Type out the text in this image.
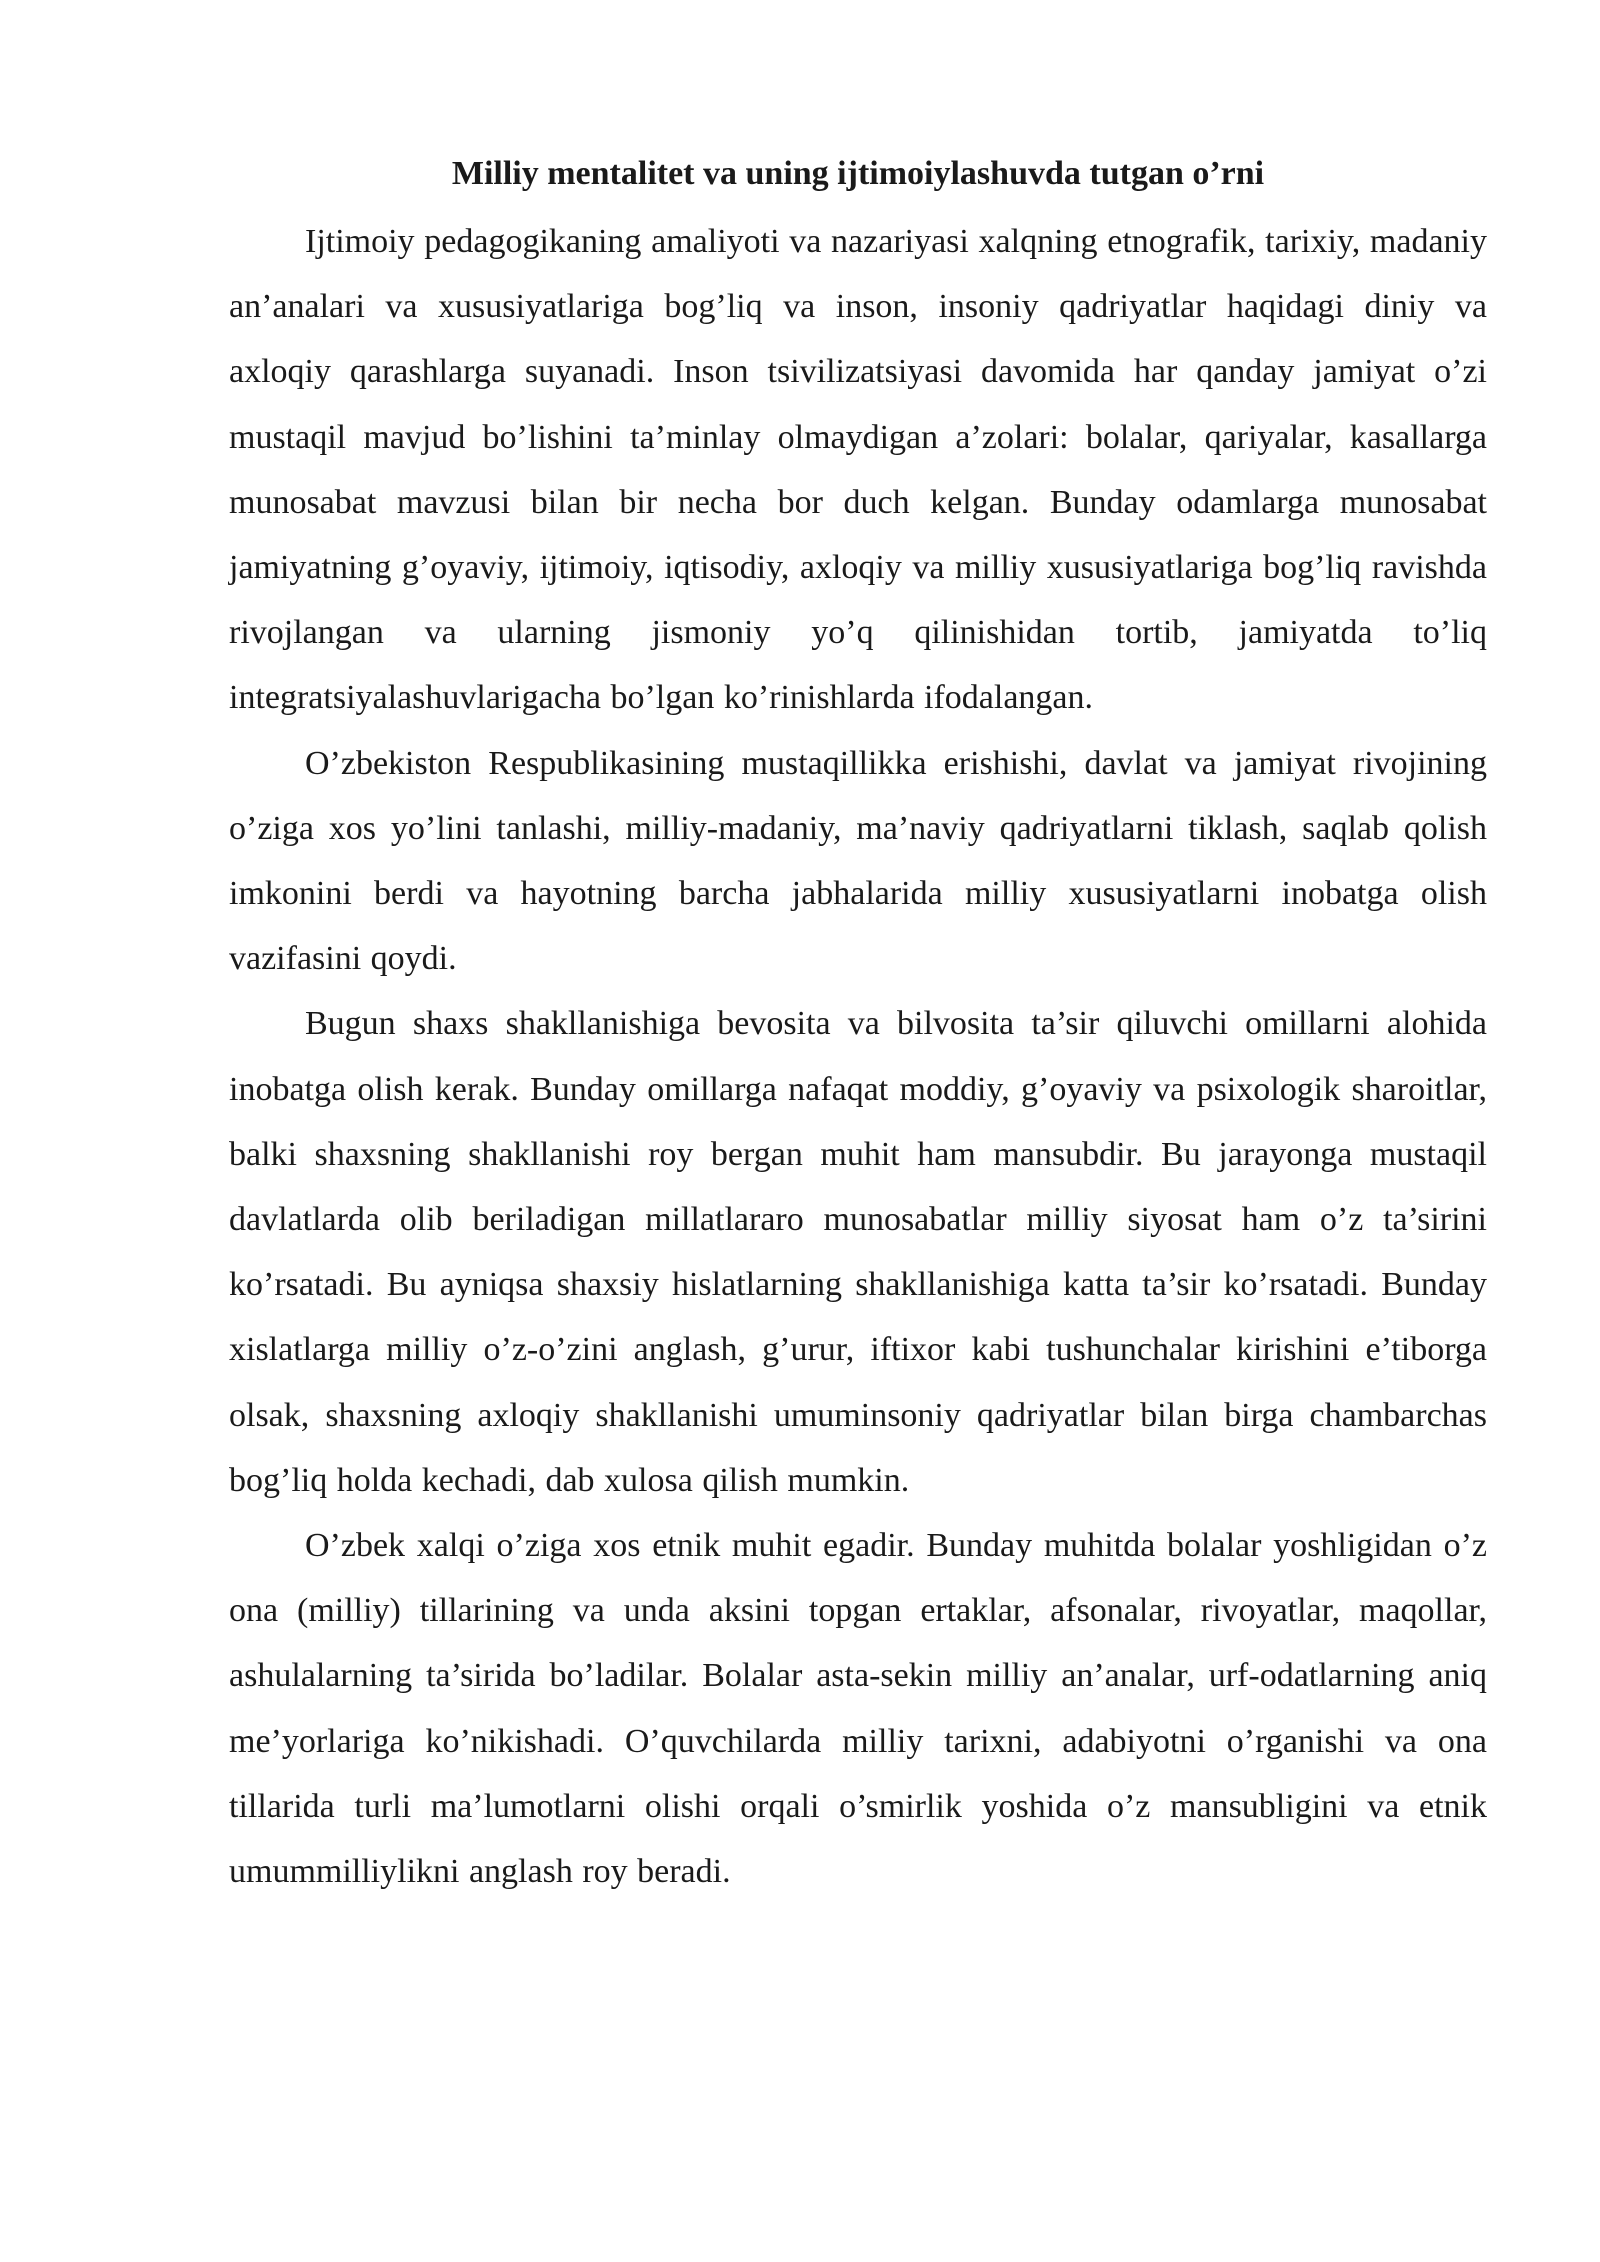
Milliy mentalitet va uning ijtimoiylashuvda tutgan o’rni

Ijtimoiy pedagogikaning amaliyoti va nazariyasi xalqning etnografik, tarixiy, madaniy an’analari va xususiyatlariga bog’liq va inson, insoniy qadriyatlar haqidagi diniy va axloqiy qarashlarga suyanadi. Inson tsivilizatsiyasi davomida har qanday jamiyat o’zi mustaqil mavjud bo’lishini ta’minlay olmaydigan a’zolari: bolalar, qariyalar, kasallarga munosabat mavzusi bilan bir necha bor duch kelgan. Bunday odamlarga munosabat jamiyatning g’oyaviy, ijtimoiy, iqtisodiy, axloqiy va milliy xususiyatlariga bog’liq ravishda rivojlangan va ularning jismoniy yo’q qilinishidan tortib, jamiyatda to’liq integratsiyalashuvlarigacha bo’lgan ko’rinishlarda ifodalangan.

O’zbekiston Respublikasining mustaqillikka erishishi, davlat va jamiyat rivojining o’ziga xos yo’lini tanlashi, milliy-madaniy, ma’naviy qadriyatlarni tiklash, saqlab qolish imkonini berdi va hayotning barcha jabhalarida milliy xususiyatlarni inobatga olish vazifasini qoydi.

Bugun shaxs shakllanishiga bevosita va bilvosita ta’sir qiluvchi omillarni alohida inobatga olish kerak. Bunday omillarga nafaqat moddiy, g’oyaviy va psixologik sharoitlar, balki shaxsning shakllanishi roy bergan muhit ham mansubdir. Bu jarayonga mustaqil davlatlarda olib beriladigan millatlararo munosabatlar milliy siyosat ham o’z ta’sirini ko’rsatadi. Bu ayniqsa shaxsiy hislatlarning shakllanishiga katta ta’sir ko’rsatadi. Bunday xislatlarga milliy o’z-o’zini anglash, g’urur, iftixor kabi tushunchalar kirishini e’tiborga olsak, shaxsning axloqiy shakllanishi umuminsoniy qadriyatlar bilan birga chambarchas bog’liq holda kechadi, dab xulosa qilish mumkin.

O’zbek xalqi o’ziga xos etnik muhit egadir. Bunday muhitda bolalar yoshligidan o’z ona (milliy) tillarining va unda aksini topgan ertaklar, afsonalar, rivoyatlar, maqollar, ashulalarning ta’sirida bo’ladilar. Bolalar asta-sekin milliy an’analar, urf-odatlarning aniq me’yorlariga ko’nikishadi. O’quvchilarda milliy tarixni, adabiyotni o’rganishi va ona tillarida turli ma’lumotlarni olishi orqali o’smirlik yoshida o’z mansubligini va etnik umummilliylikni anglash roy beradi.
